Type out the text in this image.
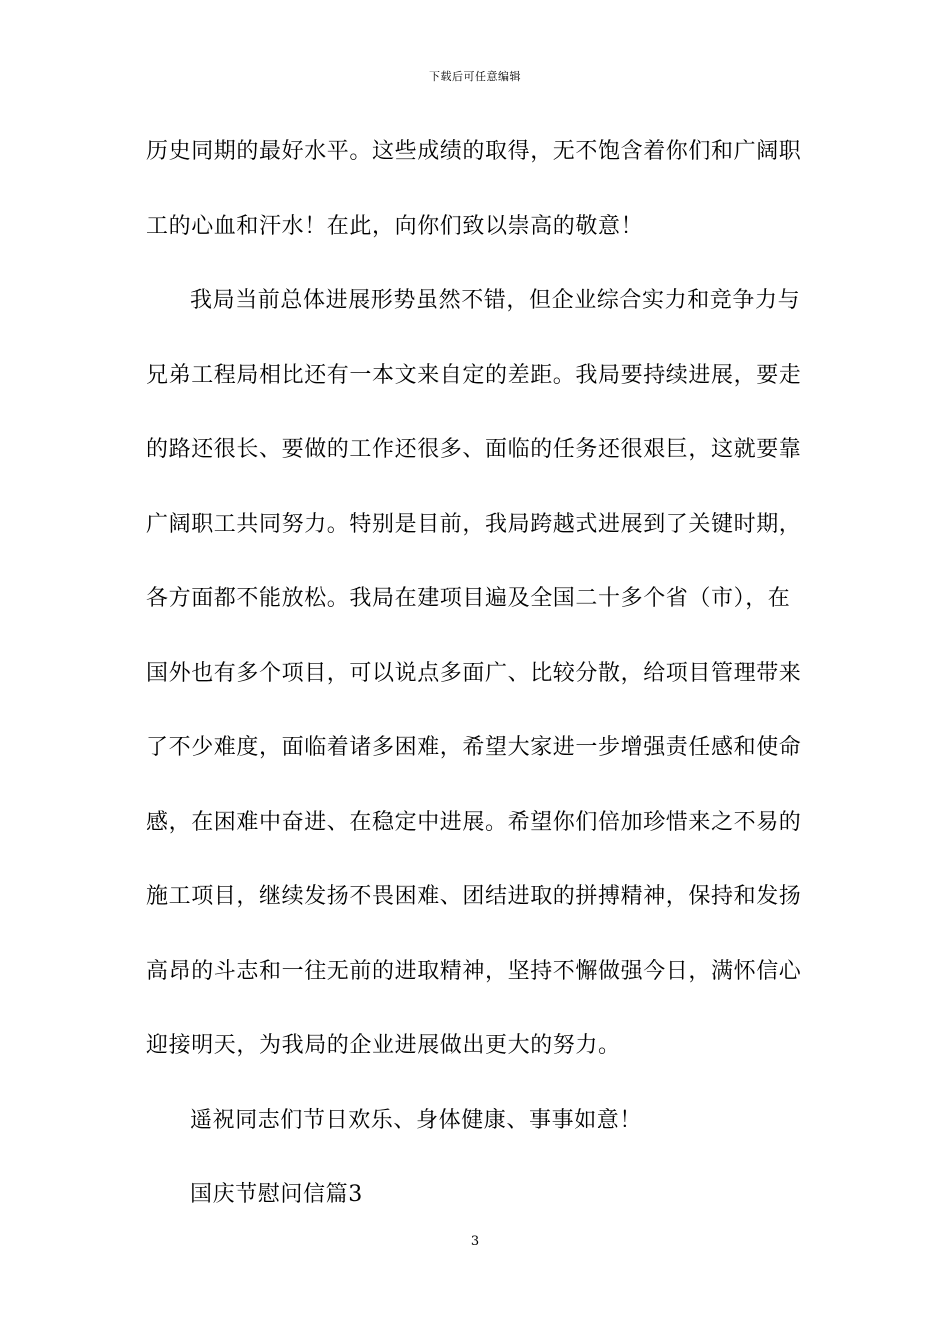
下载后可任意编辑
历史同期的最好水平。这些成绩的取得，无不饱含着你们和广阔职
工的心血和汗水！在此，向你们致以崇高的敬意！
我局当前总体进展形势虽然不错，但企业综合实力和竞争力与
兄弟工程局相比还有一本文来自定的差距。我局要持续进展，要走
的路还很长、要做的工作还很多、面临的任务还很艰巨，这就要靠
广阔职工共同努力。特别是目前，我局跨越式进展到了关键时期，
各方面都不能放松。我局在建项目遍及全国二十多个省（市），在
国外也有多个项目，可以说点多面广、比较分散，给项目管理带来
了不少难度，面临着诸多困难，希望大家进一步增强责任感和使命
感，在困难中奋进、在稳定中进展。希望你们倍加珍惜来之不易的
施工项目，继续发扬不畏困难、团结进取的拼搏精神，保持和发扬
高昂的斗志和一往无前的进取精神，坚持不懈做强今日，满怀信心
迎接明天，为我局的企业进展做出更大的努力。
遥祝同志们节日欢乐、身体健康、事事如意！
国庆节慰问信篇3
3
